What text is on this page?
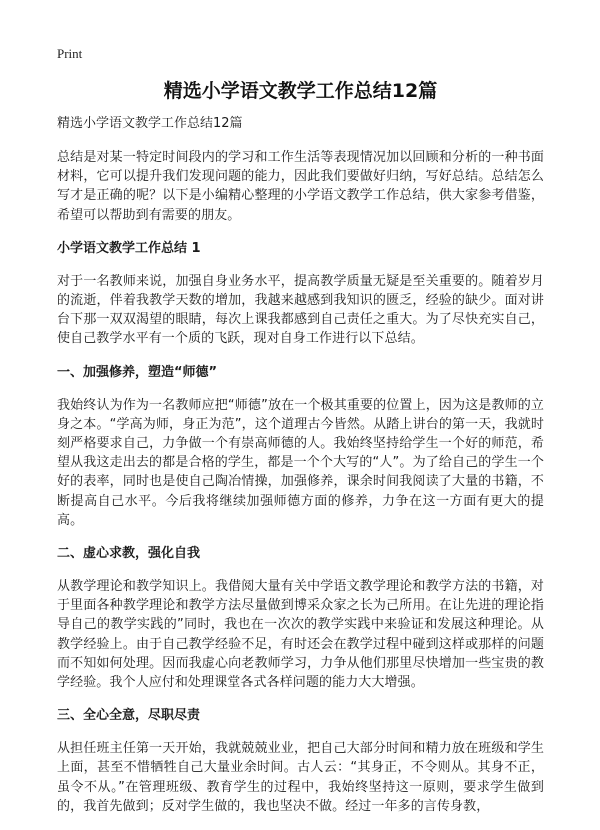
Print
精选小学语文教学工作总结12篇
精选小学语文教学工作总结12篇
总结是对某一特定时间段内的学习和工作生活等表现情况加以回顾和分析的一种书面材料，它可以提升我们发现问题的能力，因此我们要做好归纳，写好总结。总结怎么写才是正确的呢？以下是小编精心整理的小学语文教学工作总结，供大家参考借鉴，希望可以帮助到有需要的朋友。
小学语文教学工作总结 1
对于一名教师来说，加强自身业务水平，提高教学质量无疑是至关重要的。随着岁月的流逝，伴着我教学天数的增加，我越来越感到我知识的匮乏，经验的缺少。面对讲台下那一双双渴望的眼睛，每次上课我都感到自己责任之重大。为了尽快充实自己，使自己教学水平有一个质的飞跃，现对自身工作进行以下总结。
一、加强修养，塑造“师德”
我始终认为作为一名教师应把“师德”放在一个极其重要的位置上，因为这是教师的立身之本。“学高为师，身正为范”，这个道理古今皆然。从踏上讲台的第一天，我就时刻严格要求自己，力争做一个有崇高师德的人。我始终坚持给学生一个好的师范，希望从我这走出去的都是合格的学生，都是一个个大写的“人”。为了给自己的学生一个好的表率，同时也是使自己陶冶情操，加强修养，课余时间我阅读了大量的书籍，不断提高自己水平。今后我将继续加强师德方面的修养，力争在这一方面有更大的提高。
二、虚心求教，强化自我
从教学理论和教学知识上。我借阅大量有关中学语文教学理论和教学方法的书籍，对于里面各种教学理论和教学方法尽量做到博采众家之长为己所用。在让先进的理论指导自己的教学实践的”同时，我也在一次次的教学实践中来验证和发展这种理论。从教学经验上。由于自己教学经验不足，有时还会在教学过程中碰到这样或那样的问题而不知如何处理。因而我虚心向老教师学习，力争从他们那里尽快增加一些宝贵的教学经验。我个人应付和处理课堂各式各样问题的能力大大增强。
三、全心全意，尽职尽责
从担任班主任第一天开始，我就兢兢业业，把自己大部分时间和精力放在班级和学生上面，甚至不惜牺牲自己大量业余时间。古人云：“其身正，不令则从。其身不正，虽令不从。”在管理班级、教育学生的过程中，我始终坚持这一原则，要求学生做到的，我首先做到；反对学生做的，我也坚决不做。经过一年多的言传身教，
